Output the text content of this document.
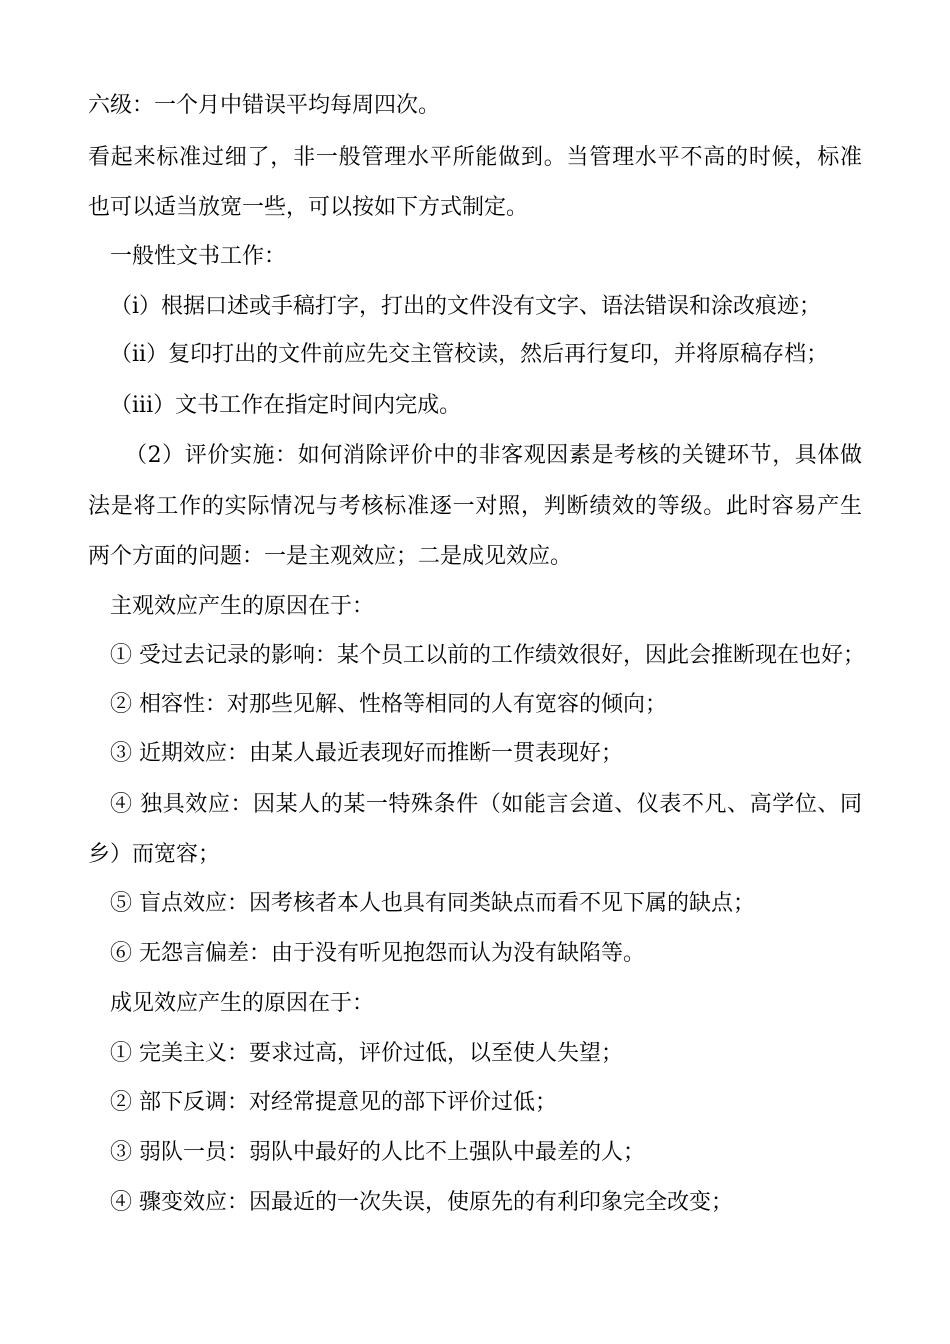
六级：一个月中错误平均每周四次。

看起来标准过细了，非一般管理水平所能做到。当管理水平不高的时候，标准

也可以适当放宽一些，可以按如下方式制定。

一般性文书工作：

（i）根据口述或手稿打字，打出的文件没有文字、语法错误和涂改痕迹；

（ii）复印打出的文件前应先交主管校读，然后再行复印，并将原稿存档；

（iii）文书工作在指定时间内完成。

（2）评价实施：如何消除评价中的非客观因素是考核的关键环节，具体做

法是将工作的实际情况与考核标准逐一对照，判断绩效的等级。此时容易产生

两个方面的问题：一是主观效应；二是成见效应。

主观效应产生的原因在于：

① 受过去记录的影响：某个员工以前的工作绩效很好，因此会推断现在也好；

② 相容性：对那些见解、性格等相同的人有宽容的倾向；

③ 近期效应：由某人最近表现好而推断一贯表现好；

④ 独具效应：因某人的某一特殊条件（如能言会道、仪表不凡、高学位、同

乡）而宽容；

⑤ 盲点效应：因考核者本人也具有同类缺点而看不见下属的缺点；

⑥ 无怨言偏差：由于没有听见抱怨而认为没有缺陷等。

成见效应产生的原因在于：

① 完美主义：要求过高，评价过低，以至使人失望；

② 部下反调：对经常提意见的部下评价过低；

③ 弱队一员：弱队中最好的人比不上强队中最差的人；

④ 骤变效应：因最近的一次失误，使原先的有利印象完全改变；
